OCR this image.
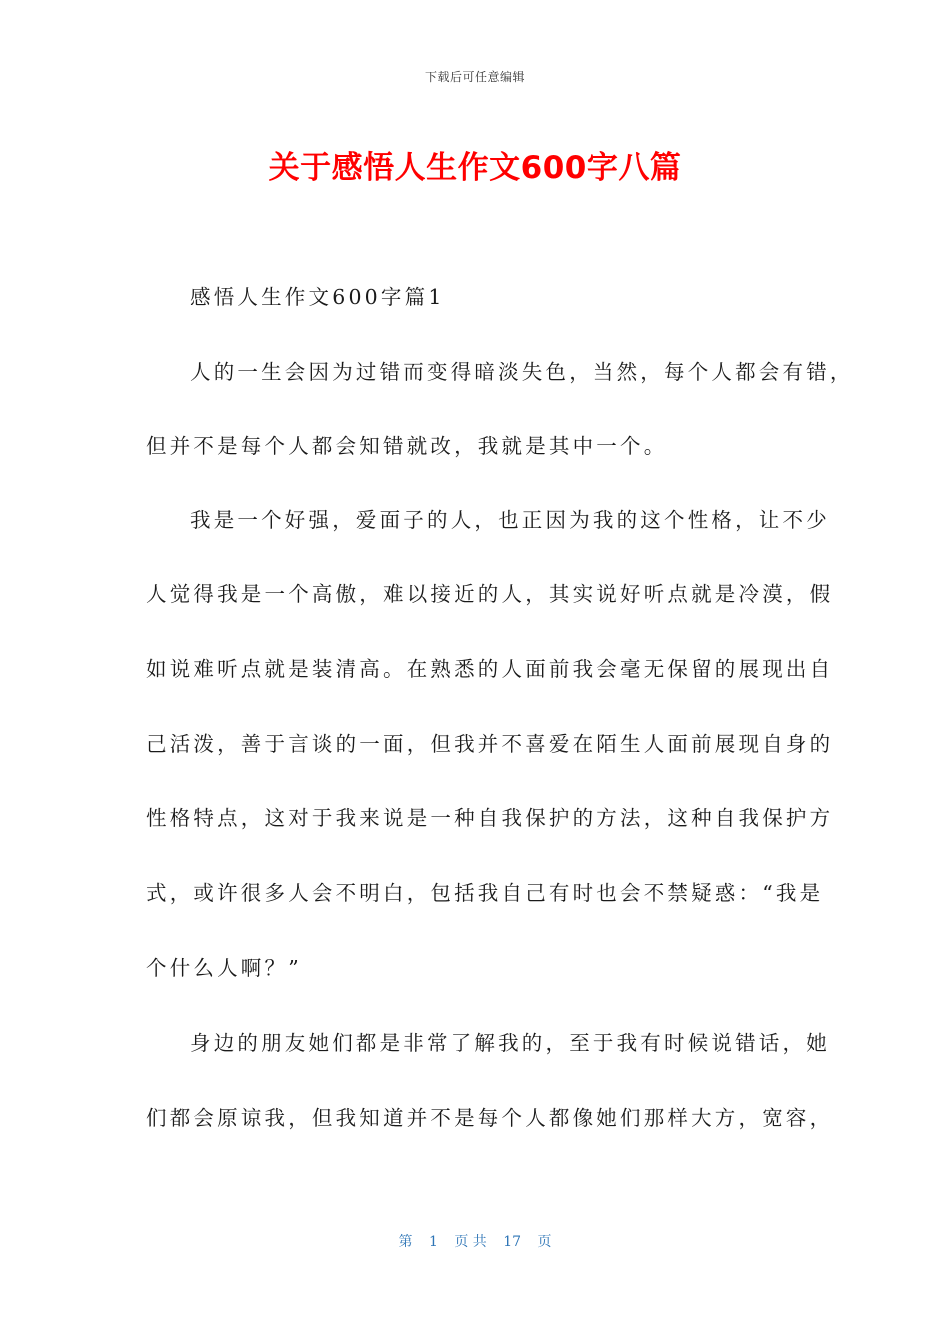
下载后可任意编辑
关于感悟人生作文600字八篇
感悟人生作文600字篇1
人的一生会因为过错而变得暗淡失色，当然，每个人都会有错，
但并不是每个人都会知错就改，我就是其中一个。
我是一个好强，爱面子的人，也正因为我的这个性格，让不少
人觉得我是一个高傲，难以接近的人，其实说好听点就是冷漠，假
如说难听点就是装清高。在熟悉的人面前我会毫无保留的展现出自
己活泼，善于言谈的一面，但我并不喜爱在陌生人面前展现自身的
性格特点，这对于我来说是一种自我保护的方法，这种自我保护方
式，或许很多人会不明白，包括我自己有时也会不禁疑惑：“我是
个什么人啊？”
身边的朋友她们都是非常了解我的，至于我有时候说错话，她
们都会原谅我，但我知道并不是每个人都像她们那样大方，宽容，
第 1 页 共 17 页
